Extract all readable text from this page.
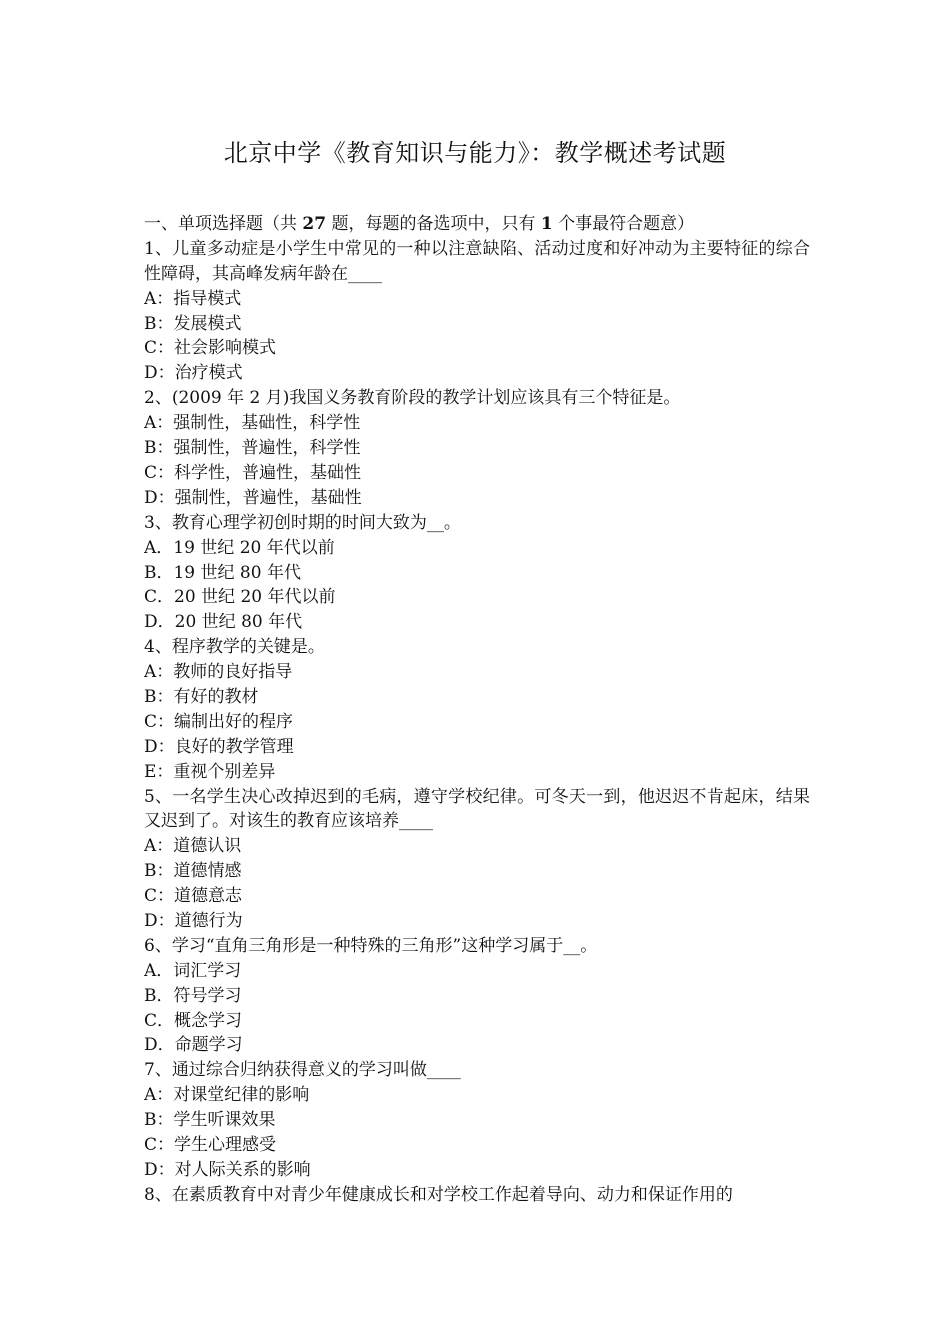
北京中学《教育知识与能力》：教学概述考试题
一、单项选择题（共 27 题，每题的备选项中，只有 1 个事最符合题意）
1、儿童多动症是小学生中常见的一种以注意缺陷、活动过度和好冲动为主要特征的综合性障碍，其高峰发病年龄在____
A：指导模式
B：发展模式
C：社会影响模式
D：治疗模式
2、(2009 年 2 月)我国义务教育阶段的教学计划应该具有三个特征是。
A：强制性，基础性，科学性
B：强制性，普遍性，科学性
C：科学性，普遍性，基础性
D：强制性，普遍性，基础性
3、教育心理学初创时期的时间大致为__。
A．19 世纪 20 年代以前
B．19 世纪 80 年代
C．20 世纪 20 年代以前
D．20 世纪 80 年代
4、程序教学的关键是。
A：教师的良好指导
B：有好的教材
C：编制出好的程序
D：良好的教学管理
E：重视个别差异
5、一名学生决心改掉迟到的毛病，遵守学校纪律。可冬天一到，他迟迟不肯起床，结果又迟到了。对该生的教育应该培养____
A：道德认识
B：道德情感
C：道德意志
D：道德行为
6、学习“直角三角形是一种特殊的三角形”这种学习属于__。
A．词汇学习
B．符号学习
C．概念学习
D．命题学习
7、通过综合归纳获得意义的学习叫做____
A：对课堂纪律的影响
B：学生听课效果
C：学生心理感受
D：对人际关系的影响
8、在素质教育中对青少年健康成长和对学校工作起着导向、动力和保证作用的
